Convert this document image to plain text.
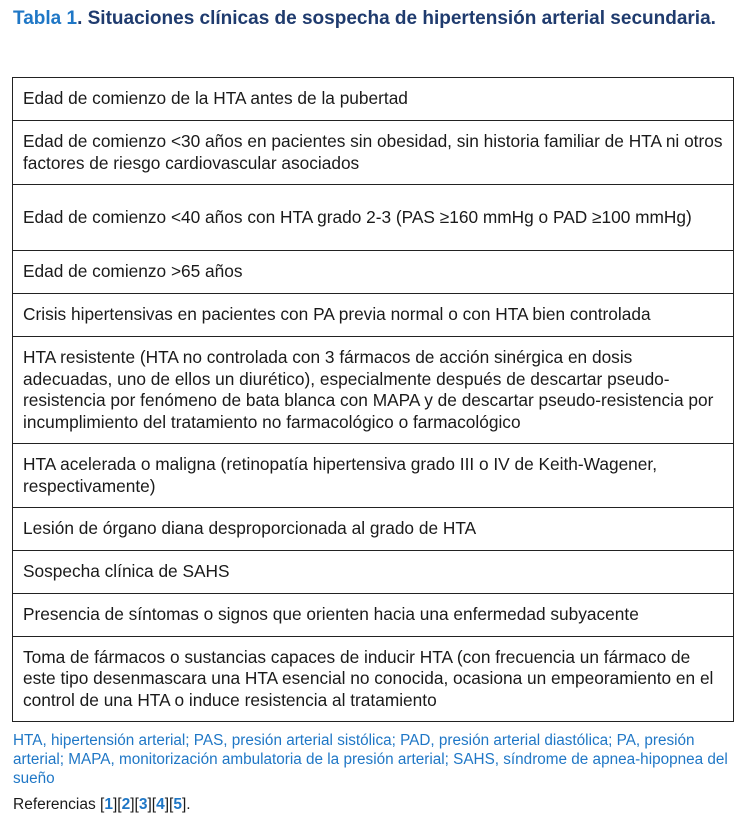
Tabla 1. Situaciones clínicas de sospecha de hipertensión arterial secundaria.
Edad de comienzo de la HTA antes de la pubertad
Edad de comienzo <30 años en pacientes sin obesidad, sin historia familiar de HTA ni otros factores de riesgo cardiovascular asociados
Edad de comienzo <40 años con HTA grado 2-3 (PAS ≥160 mmHg o PAD ≥100 mmHg)
Edad de comienzo >65 años
Crisis hipertensivas en pacientes con PA previa normal o con HTA bien controlada
HTA resistente (HTA no controlada con 3 fármacos de acción sinérgica en dosis adecuadas, uno de ellos un diurético), especialmente después de descartar pseudo-resistencia por fenómeno de bata blanca con MAPA y de descartar pseudo-resistencia por incumplimiento del tratamiento no farmacológico o farmacológico
HTA acelerada o maligna (retinopatía hipertensiva grado III o IV de Keith-Wagener, respectivamente)
Lesión de órgano diana desproporcionada al grado de HTA
Sospecha clínica de SAHS
Presencia de síntomas o signos que orienten hacia una enfermedad subyacente
Toma de fármacos o sustancias capaces de inducir HTA (con frecuencia un fármaco de este tipo desenmascara una HTA esencial no conocida, ocasiona un empeoramiento en el control de una HTA o induce resistencia al tratamiento
HTA, hipertensión arterial; PAS, presión arterial sistólica; PAD, presión arterial diastólica; PA, presión arterial; MAPA, monitorización ambulatoria de la presión arterial; SAHS, síndrome de apnea-hipopnea del sueño
Referencias [1][2][3][4][5].
